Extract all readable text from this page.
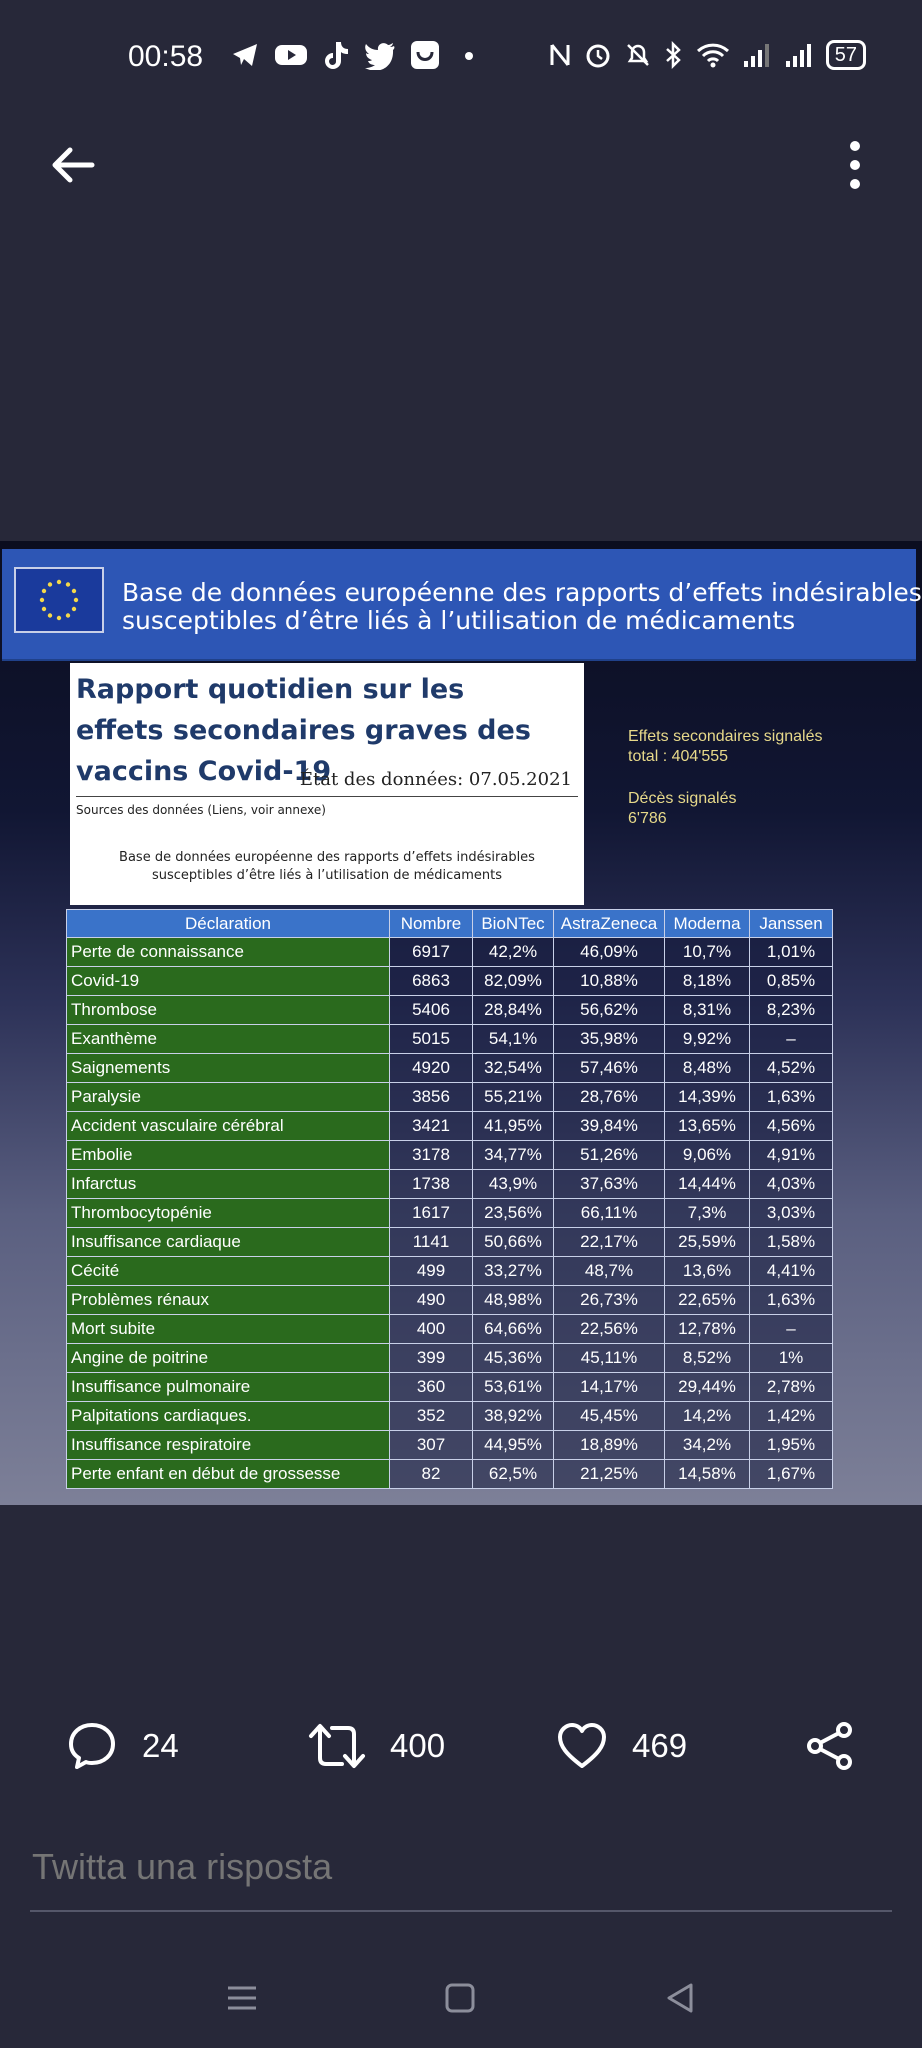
00:58	57
Base de données européenne des rapports d’effets indésirables
susceptibles d’être liés à l’utilisation de médicaments
Rapport quotidien sur les effets secondaires graves des vaccins Covid-19
État des données: 07.05.2021
Sources des données (Liens, voir annexe)
Base de données européenne des rapports d’effets indésirables susceptibles d’être liés à l’utilisation de médicaments
Effets secondaires signalés
total : 404'555
Décès signalés
6'786
Déclaration	Nombre	BioNTec	AstraZeneca	Moderna	Janssen
Perte de connaissance	6917	42,2%	46,09%	10,7%	1,01%
Covid-19	6863	82,09%	10,88%	8,18%	0,85%
Thrombose	5406	28,84%	56,62%	8,31%	8,23%
Exanthème	5015	54,1%	35,98%	9,92%	–
Saignements	4920	32,54%	57,46%	8,48%	4,52%
Paralysie	3856	55,21%	28,76%	14,39%	1,63%
Accident vasculaire cérébral	3421	41,95%	39,84%	13,65%	4,56%
Embolie	3178	34,77%	51,26%	9,06%	4,91%
Infarctus	1738	43,9%	37,63%	14,44%	4,03%
Thrombocytopénie	1617	23,56%	66,11%	7,3%	3,03%
Insuffisance cardiaque	1141	50,66%	22,17%	25,59%	1,58%
Cécité	499	33,27%	48,7%	13,6%	4,41%
Problèmes rénaux	490	48,98%	26,73%	22,65%	1,63%
Mort subite	400	64,66%	22,56%	12,78%	–
Angine de poitrine	399	45,36%	45,11%	8,52%	1%
Insuffisance pulmonaire	360	53,61%	14,17%	29,44%	2,78%
Palpitations cardiaques.	352	38,92%	45,45%	14,2%	1,42%
Insuffisance respiratoire	307	44,95%	18,89%	34,2%	1,95%
Perte enfant en début de grossesse	82	62,5%	21,25%	14,58%	1,67%
24	400	469
Twitta una risposta
